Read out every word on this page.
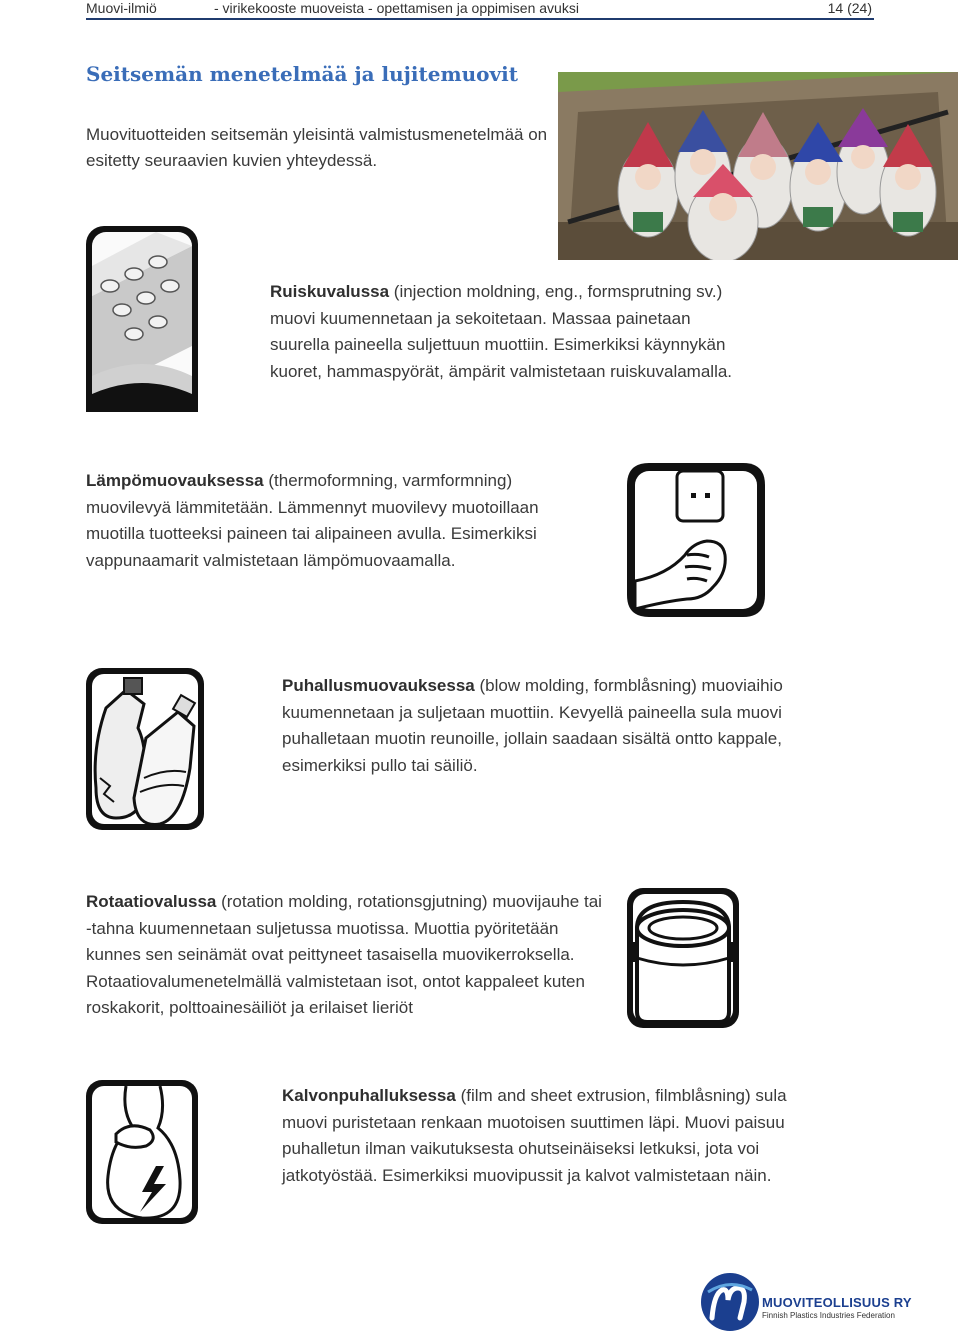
Muovi-ilmiö	- virikekooste muoveista - opettamisen ja oppimisen avuksi	14 (24)
Seitsemän menetelmää ja lujitemuovit
Muovituotteiden seitsemän yleisintä valmistusmenetelmää on esitetty seuraavien kuvien yhteydessä.
Ruiskuvalussa (injection moldning, eng., formsprutning sv.) muovi kuumennetaan ja sekoitetaan. Massaa painetaan suurella paineella suljettuun muottiin. Esimerkiksi käynnykän kuoret, hammaspyörät, ämpärit valmistetaan ruiskuvalamalla.
Lämpömuovauksessa (thermoformning, varmformning) muovilevyä lämmitetään. Lämmennyt muovilevy muotoillaan muotilla tuotteeksi paineen tai alipaineen avulla. Esimerkiksi vappunaamarit valmistetaan lämpömuovaamalla.
Puhallusmuovauksessa (blow molding, formblåsning) muoviaihio kuumennetaan ja suljetaan muottiin. Kevyellä paineella sula muovi puhalletaan muotin reunoille, jollain saadaan sisältä ontto kappale, esimerkiksi pullo tai säiliö.
Rotaatiovalussa (rotation molding, rotationsgjutning) muovijauhe tai -tahna kuumennetaan suljetussa muotissa. Muottia pyöritetään kunnes sen seinämät ovat peittyneet tasaisella muovikerroksella. Rotaatiovalumenetelmällä valmistetaan isot, ontot kappaleet kuten roskakorit, polttoainesäiliöt ja erilaiset lieriöt
Kalvonpuhalluksessa (film and sheet extrusion, filmblåsning) sula muovi puristetaan renkaan muotoisen suuttimen läpi. Muovi paisuu puhalletun ilman vaikutuksesta ohutseinäiseksi letkuksi, jota voi jatkotyöstää. Esimerkiksi muovipussit ja kalvot valmistetaan näin.
MUOVITEOLLISUUS RY
Finnish Plastics Industries Federation
